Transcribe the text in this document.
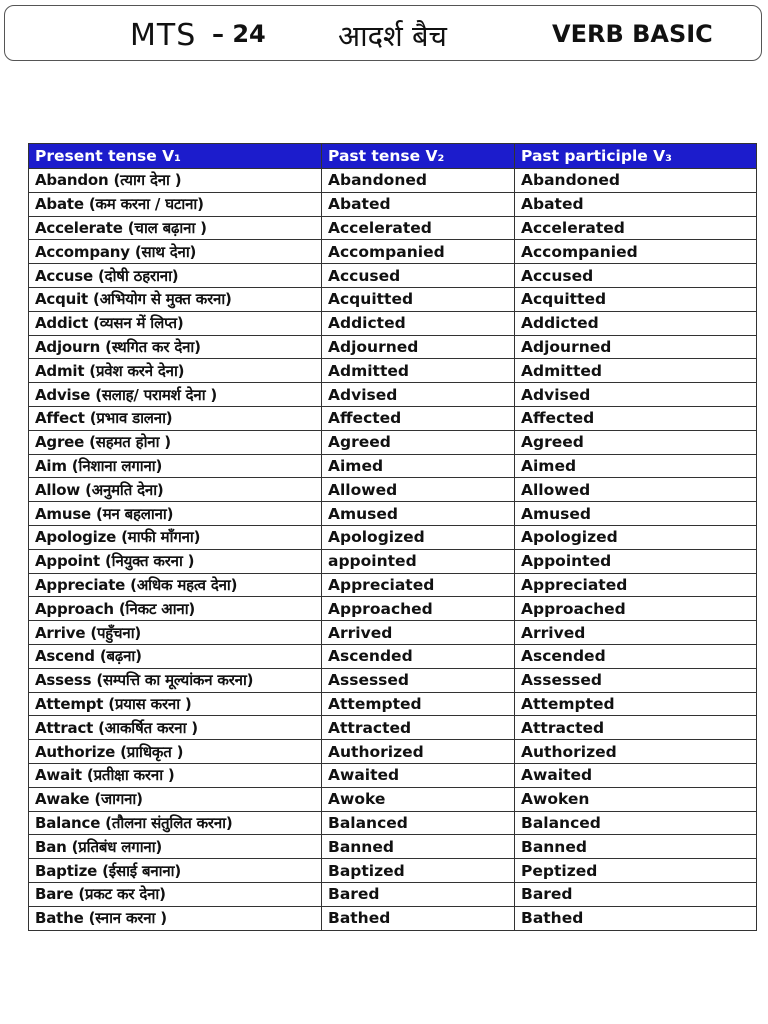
MTS – 24 आदर्श बैच	VERB BASIC
Present tense V₁	Past tense V₂	Past participle V₃
Abandon (त्याग देना )	Abandoned	Abandoned
Abate (कम करना / घटाना)	Abated	Abated
Accelerate (चाल बढ़ाना )	Accelerated	Accelerated
Accompany (साथ देना)	Accompanied	Accompanied
Accuse (दोषी ठहराना)	Accused	Accused
Acquit (अभियोग से मुक्त करना)	Acquitted	Acquitted
Addict (व्यसन में लिप्त)	Addicted	Addicted
Adjourn (स्थगित कर देना)	Adjourned	Adjourned
Admit (प्रवेश करने देना)	Admitted	Admitted
Advise (सलाह/ परामर्श देना )	Advised	Advised
Affect (प्रभाव डालना)	Affected	Affected
Agree (सहमत होना )	Agreed	Agreed
Aim (निशाना लगाना)	Aimed	Aimed
Allow (अनुमति देना)	Allowed	Allowed
Amuse (मन बहलाना)	Amused	Amused
Apologize (माफी माँगना)	Apologized	Apologized
Appoint (नियुक्त करना )	appointed	Appointed
Appreciate (अधिक महत्व देना)	Appreciated	Appreciated
Approach (निकट आना)	Approached	Approached
Arrive (पहुँचना)	Arrived	Arrived
Ascend (बढ़ना)	Ascended	Ascended
Assess (सम्पत्ति का मूल्यांकन करना)	Assessed	Assessed
Attempt (प्रयास करना )	Attempted	Attempted
Attract (आकर्षित करना )	Attracted	Attracted
Authorize (प्राधिकृत )	Authorized	Authorized
Await (प्रतीक्षा करना )	Awaited	Awaited
Awake (जागना)	Awoke	Awoken
Balance (तौलना संतुलित करना)	Balanced	Balanced
Ban (प्रतिबंध लगाना)	Banned	Banned
Baptize (ईसाई बनाना)	Baptized	Peptized
Bare (प्रकट कर देना)	Bared	Bared
Bathe (स्नान करना )	Bathed	Bathed
